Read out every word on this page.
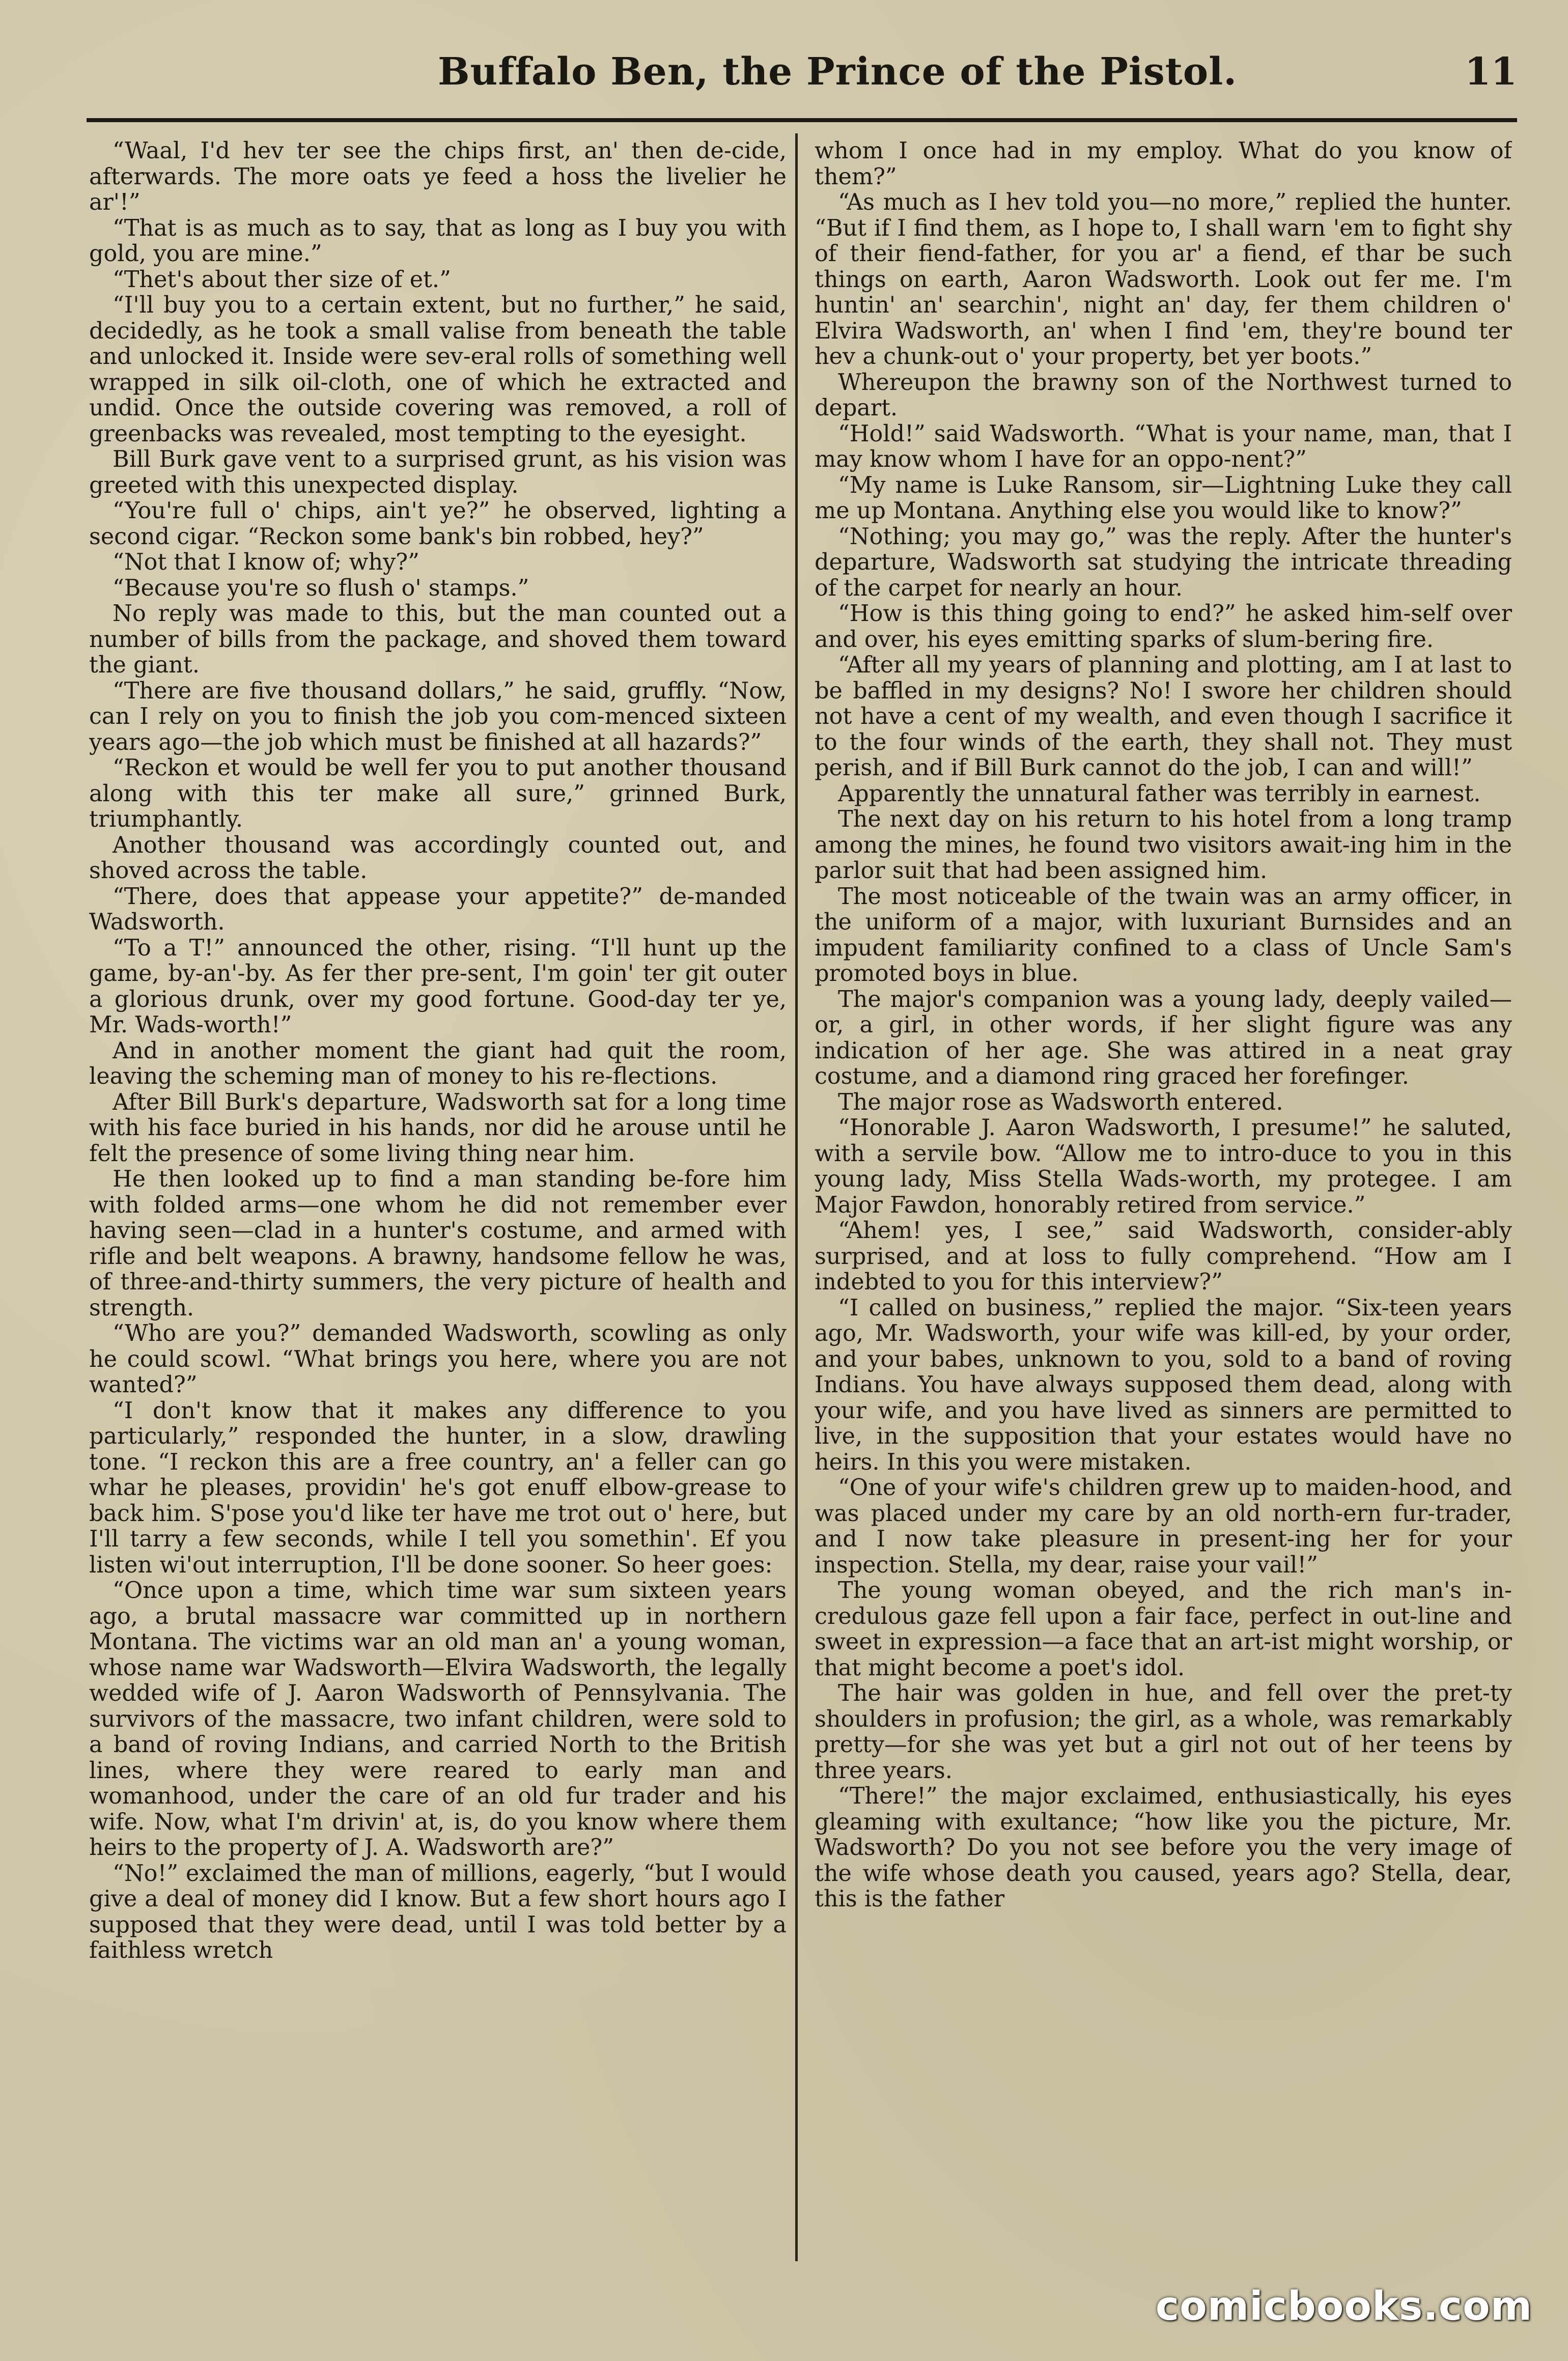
Buffalo Ben, the Prince of the Pistol.	11

“Waal, I'd hev ter see the chips first, an' then de-cide, afterwards. The more oats ye feed a hoss the livelier he ar'!”

“That is as much as to say, that as long as I buy you with gold, you are mine.”

“Thet's about ther size of et.”

“I'll buy you to a certain extent, but no further,” he said, decidedly, as he took a small valise from beneath the table and unlocked it. Inside were sev-eral rolls of something well wrapped in silk oil-cloth, one of which he extracted and undid. Once the outside covering was removed, a roll of greenbacks was revealed, most tempting to the eyesight.

Bill Burk gave vent to a surprised grunt, as his vision was greeted with this unexpected display.

“You're full o' chips, ain't ye?” he observed, lighting a second cigar. “Reckon some bank's bin robbed, hey?”

“Not that I know of; why?”

“Because you're so flush o' stamps.”

No reply was made to this, but the man counted out a number of bills from the package, and shoved them toward the giant.

“There are five thousand dollars,” he said, gruffly. “Now, can I rely on you to finish the job you com-menced sixteen years ago—the job which must be finished at all hazards?”

“Reckon et would be well fer you to put another thousand along with this ter make all sure,” grinned Burk, triumphantly.

Another thousand was accordingly counted out, and shoved across the table.

“There, does that appease your appetite?” de-manded Wadsworth.

“To a T!” announced the other, rising. “I'll hunt up the game, by-an'-by. As fer ther pre-sent, I'm goin' ter git outer a glorious drunk, over my good fortune. Good-day ter ye, Mr. Wads-worth!”

And in another moment the giant had quit the room, leaving the scheming man of money to his re-flections.

After Bill Burk's departure, Wadsworth sat for a long time with his face buried in his hands, nor did he arouse until he felt the presence of some living thing near him.

He then looked up to find a man standing be-fore him with folded arms—one whom he did not remember ever having seen—clad in a hunter's costume, and armed with rifle and belt weapons. A brawny, handsome fellow he was, of three-and-thirty summers, the very picture of health and strength.

“Who are you?” demanded Wadsworth, scowling as only he could scowl. “What brings you here, where you are not wanted?”

“I don't know that it makes any difference to you particularly,” responded the hunter, in a slow, drawling tone. “I reckon this are a free country, an' a feller can go whar he pleases, providin' he's got enuff elbow-grease to back him. S'pose you'd like ter have me trot out o' here, but I'll tarry a few seconds, while I tell you somethin'. Ef you listen wi'out interruption, I'll be done sooner. So heer goes:

“Once upon a time, which time war sum sixteen years ago, a brutal massacre war committed up in northern Montana. The victims war an old man an' a young woman, whose name war Wadsworth—Elvira Wadsworth, the legally wedded wife of J. Aaron Wadsworth of Pennsylvania. The survivors of the massacre, two infant children, were sold to a band of roving Indians, and carried North to the British lines, where they were reared to early man and womanhood, under the care of an old fur trader and his wife. Now, what I'm drivin' at, is, do you know where them heirs to the property of J. A. Wadsworth are?”

“No!” exclaimed the man of millions, eagerly, “but I would give a deal of money did I know. But a few short hours ago I supposed that they were dead, until I was told better by a faithless wretch

whom I once had in my employ. What do you know of them?”

“As much as I hev told you—no more,” replied the hunter. “But if I find them, as I hope to, I shall warn 'em to fight shy of their fiend-father, for you ar' a fiend, ef thar be such things on earth, Aaron Wadsworth. Look out fer me. I'm huntin' an' searchin', night an' day, fer them children o' Elvira Wadsworth, an' when I find 'em, they're bound ter hev a chunk-out o' your property, bet yer boots.”

Whereupon the brawny son of the Northwest turned to depart.

“Hold!” said Wadsworth. “What is your name, man, that I may know whom I have for an oppo-nent?”

“My name is Luke Ransom, sir—Lightning Luke they call me up Montana. Anything else you would like to know?”

“Nothing; you may go,” was the reply. After the hunter's departure, Wadsworth sat studying the intricate threading of the carpet for nearly an hour.

“How is this thing going to end?” he asked him-self over and over, his eyes emitting sparks of slum-bering fire.

“After all my years of planning and plotting, am I at last to be baffled in my designs? No! I swore her children should not have a cent of my wealth, and even though I sacrifice it to the four winds of the earth, they shall not. They must perish, and if Bill Burk cannot do the job, I can and will!”

Apparently the unnatural father was terribly in earnest.

The next day on his return to his hotel from a long tramp among the mines, he found two visitors await-ing him in the parlor suit that had been assigned him.

The most noticeable of the twain was an army officer, in the uniform of a major, with luxuriant Burnsides and an impudent familiarity confined to a class of Uncle Sam's promoted boys in blue.

The major's companion was a young lady, deeply vailed—or, a girl, in other words, if her slight figure was any indication of her age. She was attired in a neat gray costume, and a diamond ring graced her forefinger.

The major rose as Wadsworth entered.

“Honorable J. Aaron Wadsworth, I presume!” he saluted, with a servile bow. “Allow me to intro-duce to you in this young lady, Miss Stella Wads-worth, my protegee. I am Major Fawdon, honorably retired from service.”

“Ahem! yes, I see,” said Wadsworth, consider-ably surprised, and at loss to fully comprehend. “How am I indebted to you for this interview?”

“I called on business,” replied the major. “Six-teen years ago, Mr. Wadsworth, your wife was kill-ed, by your order, and your babes, unknown to you, sold to a band of roving Indians. You have always supposed them dead, along with your wife, and you have lived as sinners are permitted to live, in the supposition that your estates would have no heirs. In this you were mistaken.

“One of your wife's children grew up to maiden-hood, and was placed under my care by an old north-ern fur-trader, and I now take pleasure in present-ing her for your inspection. Stella, my dear, raise your vail!”

The young woman obeyed, and the rich man's in-credulous gaze fell upon a fair face, perfect in out-line and sweet in expression—a face that an art-ist might worship, or that might become a poet's idol.

The hair was golden in hue, and fell over the pret-ty shoulders in profusion; the girl, as a whole, was remarkably pretty—for she was yet but a girl not out of her teens by three years.

“There!” the major exclaimed, enthusiastically, his eyes gleaming with exultance; “how like you the picture, Mr. Wadsworth? Do you not see before you the very image of the wife whose death you caused, years ago? Stella, dear, this is the father

comicbooks.com
